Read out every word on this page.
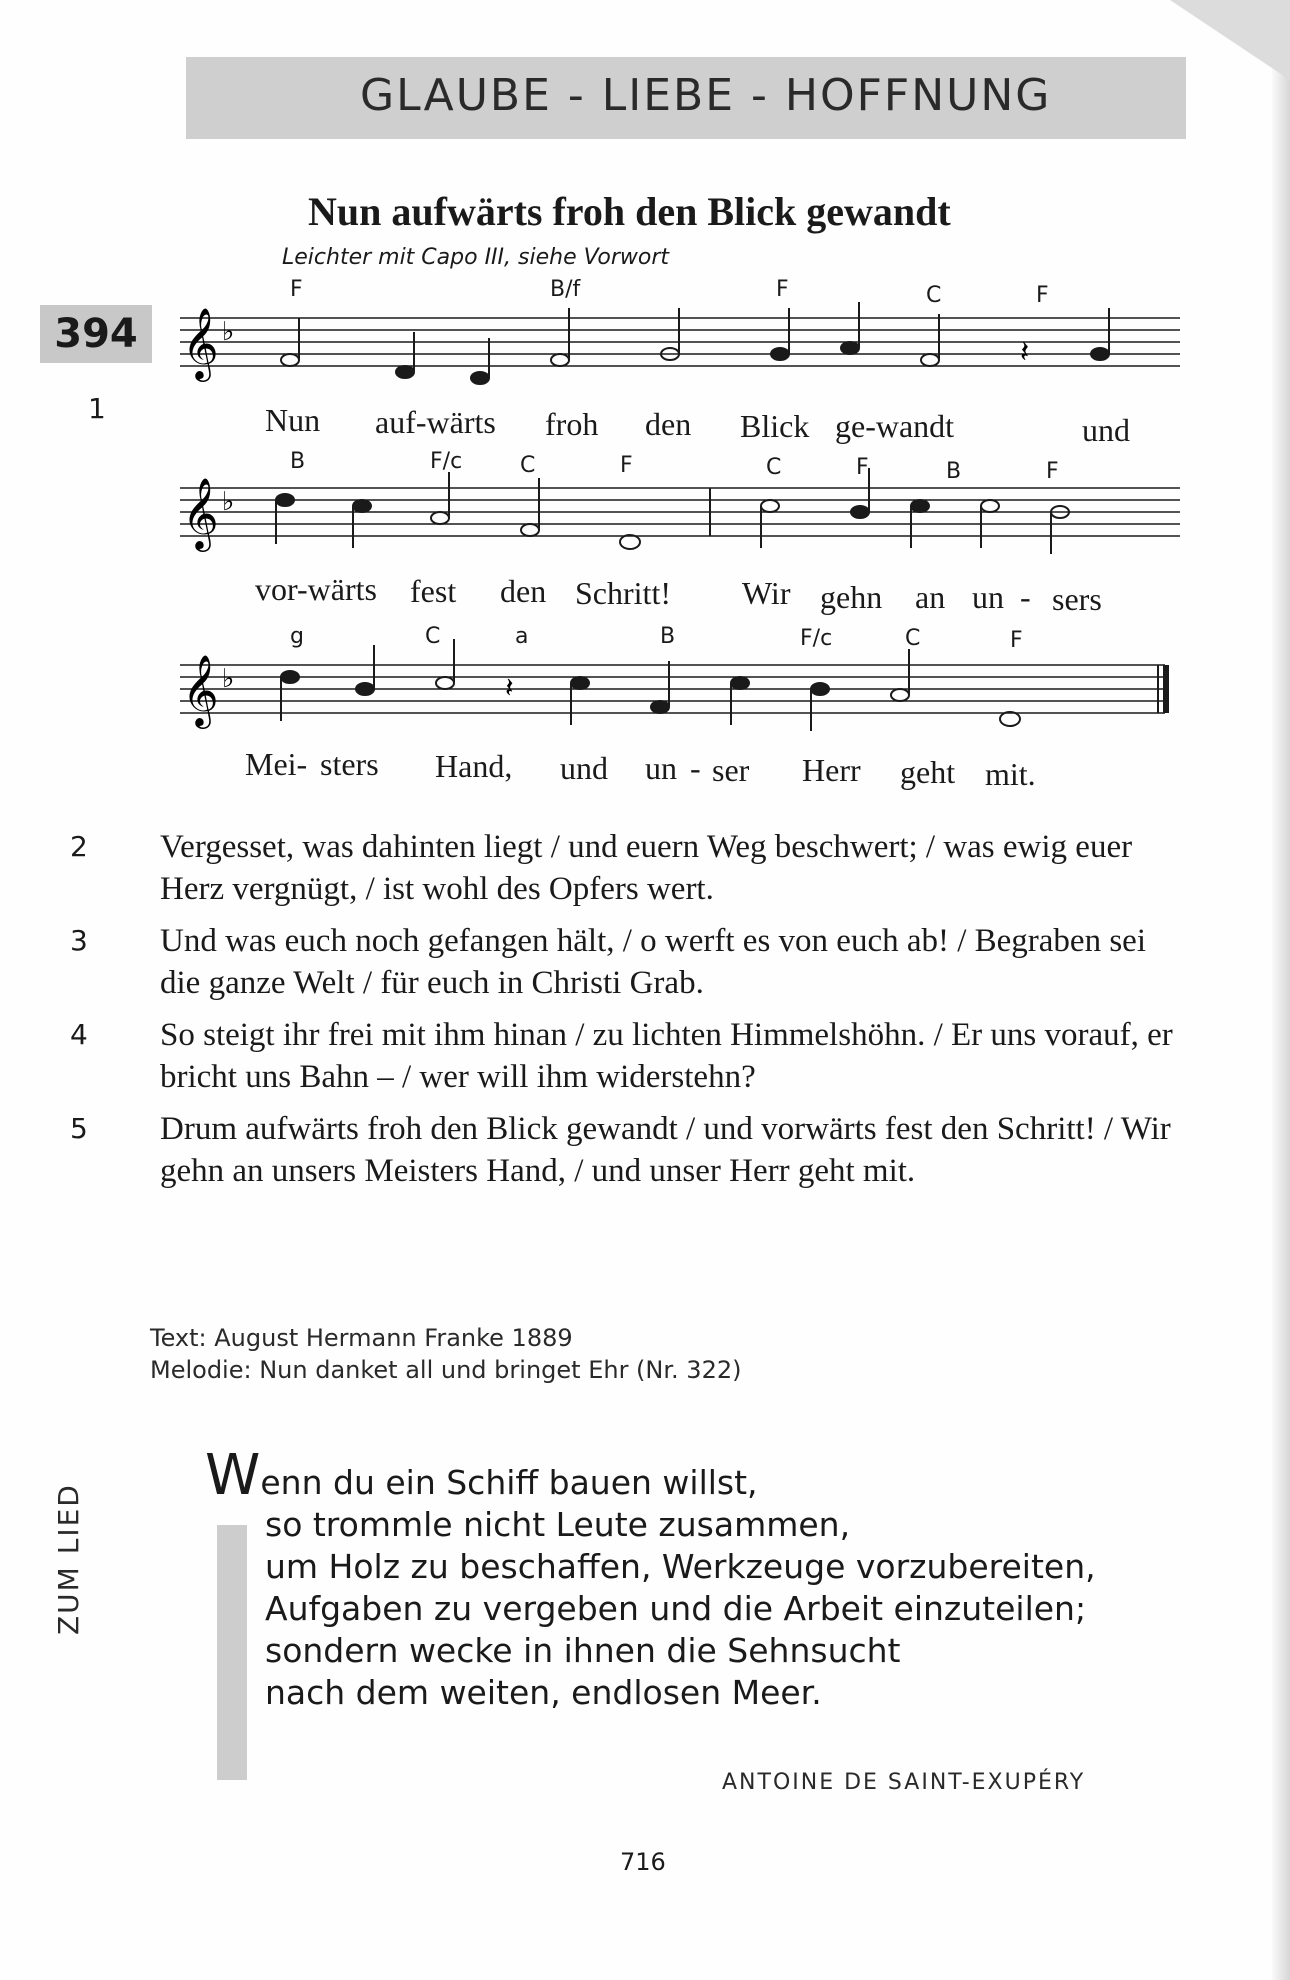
GLAUBE - LIEBE - HOFFNUNG
Nun aufwärts froh den Blick gewandt
Leichter mit Capo III, siehe Vorwort
394
1
𝄞 ♭
𝄽
F	B/f	F	C	F
Nun auf-wärts froh den Blick ge-wandt	und
𝄞 ♭
B	F/c	C	F	C	F	B	F
vor-wärts fest den Schritt! Wir gehn an un - sers
𝄞 ♭	𝄽
g	C	a	B	F/c	C	F
Mei- sters Hand, und un - ser Herr geht mit.
2	Vergesset, was dahinten liegt / und euern Weg beschwert; / was ewig euer Herz vergnügt, / ist wohl des Opfers wert.
3	Und was euch noch gefangen hält, / o werft es von euch ab! / Begraben sei die ganze Welt / für euch in Christi Grab.
4	So steigt ihr frei mit ihm hinan / zu lichten Himmelshöhn. / Er uns vorauf, er bricht uns Bahn – / wer will ihm widerstehn?
5	Drum aufwärts froh den Blick gewandt / und vorwärts fest den Schritt! / Wir gehn an unsers Meisters Hand, / und unser Herr geht mit.
Text: August Hermann Franke 1889
Melodie: Nun danket all und bringet Ehr (Nr. 322)
ZUM LIED
Wenn du ein Schiff bauen willst,
so trommle nicht Leute zusammen,
um Holz zu beschaffen, Werkzeuge vorzubereiten,
Aufgaben zu vergeben und die Arbeit einzuteilen;
sondern wecke in ihnen die Sehnsucht
nach dem weiten, endlosen Meer.
ANTOINE DE SAINT-EXUPÉRY
716
